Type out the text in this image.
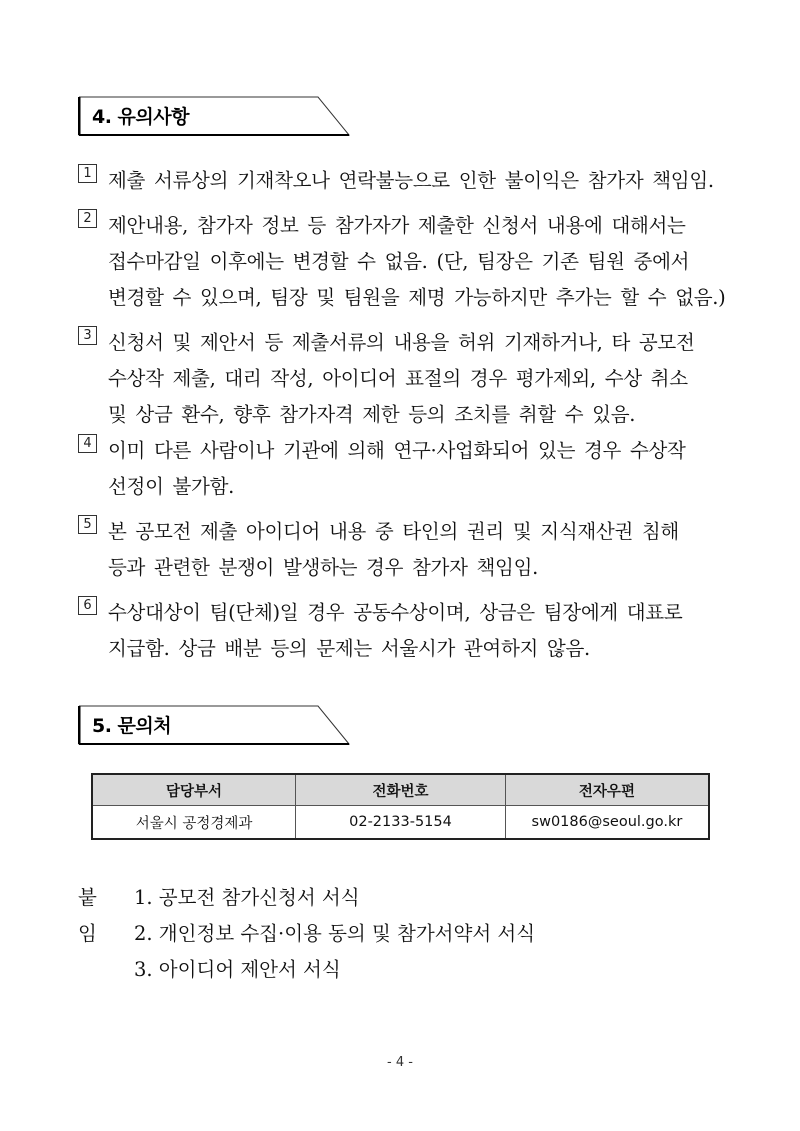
4. 유의사항
1 제출 서류상의 기재착오나 연락불능으로 인한 불이익은 참가자 책임임.
2 제안내용, 참가자 정보 등 참가자가 제출한 신청서 내용에 대해서는
접수마감일 이후에는 변경할 수 없음. (단, 팀장은 기존 팀원 중에서
변경할 수 있으며, 팀장 및 팀원을 제명 가능하지만 추가는 할 수 없음.)
3 신청서 및 제안서 등 제출서류의 내용을 허위 기재하거나, 타 공모전
수상작 제출, 대리 작성, 아이디어 표절의 경우 평가제외, 수상 취소
및 상금 환수, 향후 참가자격 제한 등의 조치를 취할 수 있음.
4 이미 다른 사람이나 기관에 의해 연구·사업화되어 있는 경우 수상작
선정이 불가함.
5 본 공모전 제출 아이디어 내용 중 타인의 권리 및 지식재산권 침해
등과 관련한 분쟁이 발생하는 경우 참가자 책임임.
6 수상대상이 팀(단체)일 경우 공동수상이며, 상금은 팀장에게 대표로
지급함. 상금 배분 등의 문제는 서울시가 관여하지 않음.
5. 문의처
담당부서	전화번호	전자우편
서울시 공정경제과	02-2133-5154	sw0186@seoul.go.kr
붙임
1. 공모전 참가신청서 서식
2. 개인정보 수집·이용 동의 및 참가서약서 서식
3. 아이디어 제안서 서식
- 4 -
